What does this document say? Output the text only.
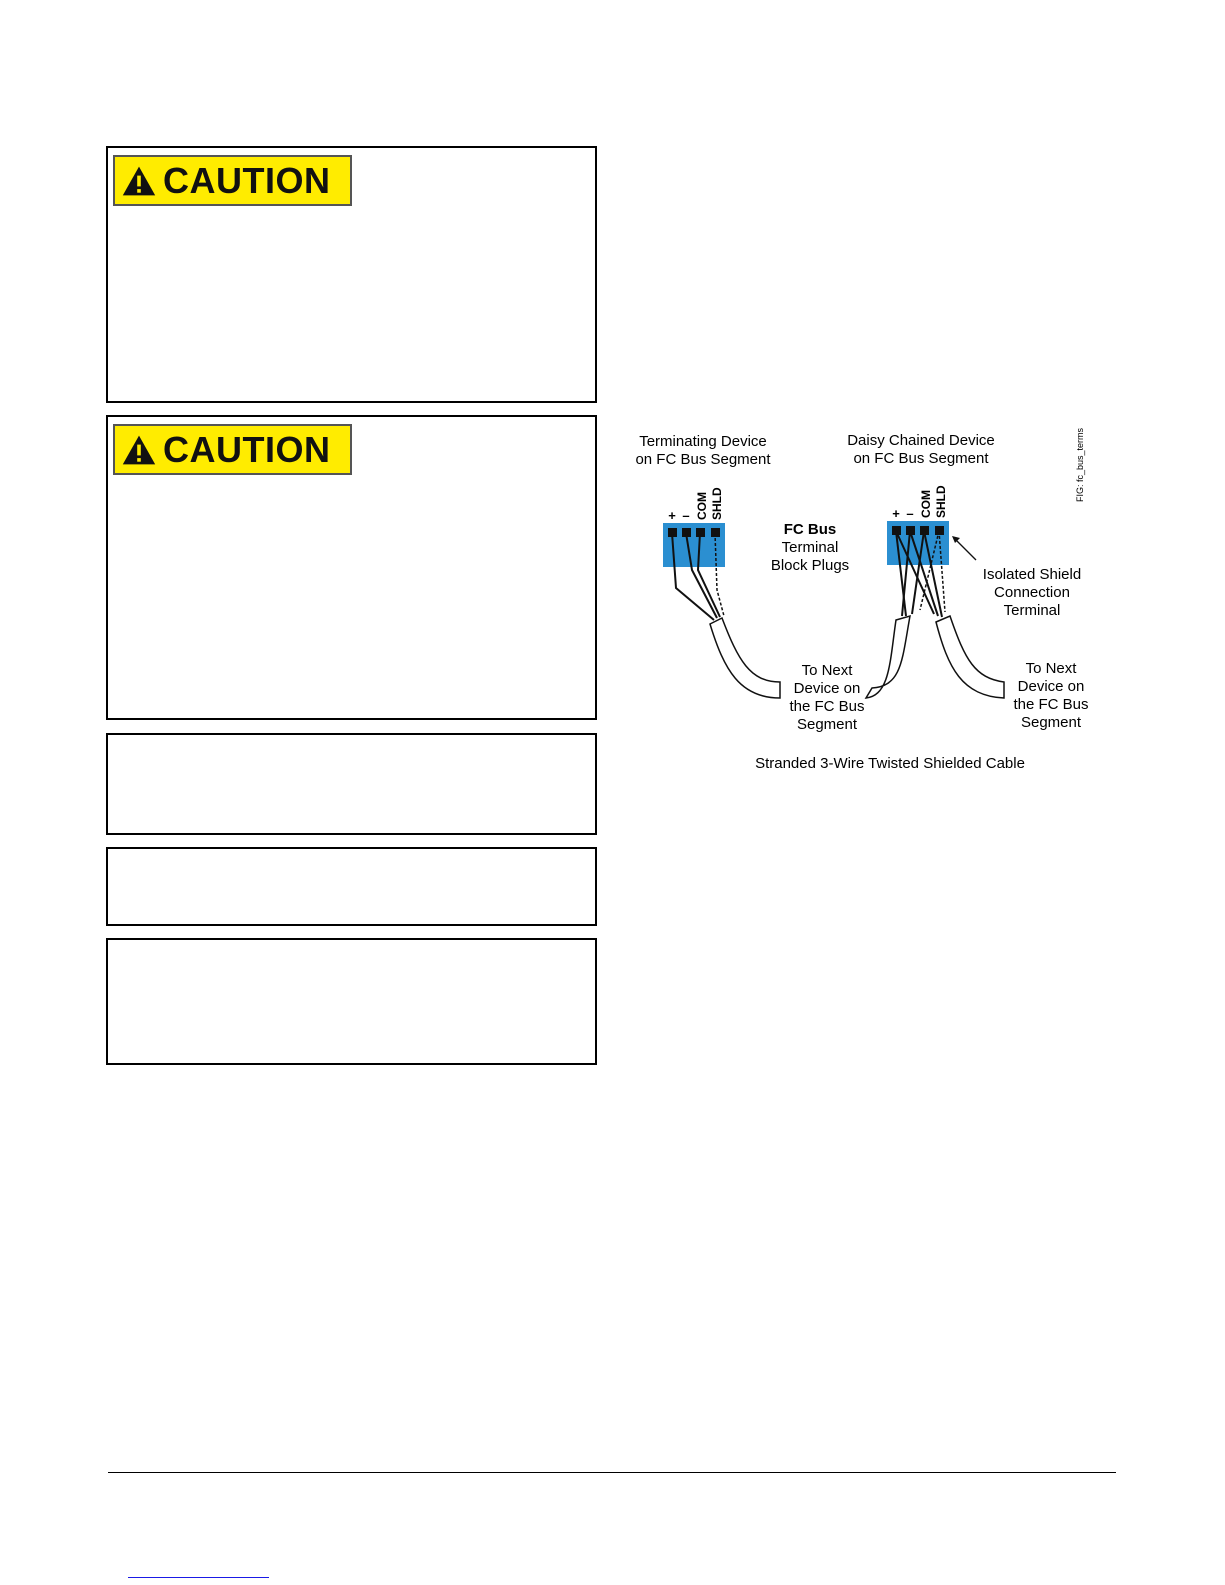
CAUTION
CAUTION	FIG: fc_bus_terms
Terminating Device
on FC Bus Segment
Daisy Chained Device
on FC Bus Segment
+ – COM SHLD	+ – COM SHLD
FC Bus
Terminal
Block Plugs
Isolated Shield
Connection
Terminal
To Next
Device on
the FC Bus
Segment
To Next
Device on
the FC Bus
Segment
Stranded 3-Wire Twisted Shielded Cable
